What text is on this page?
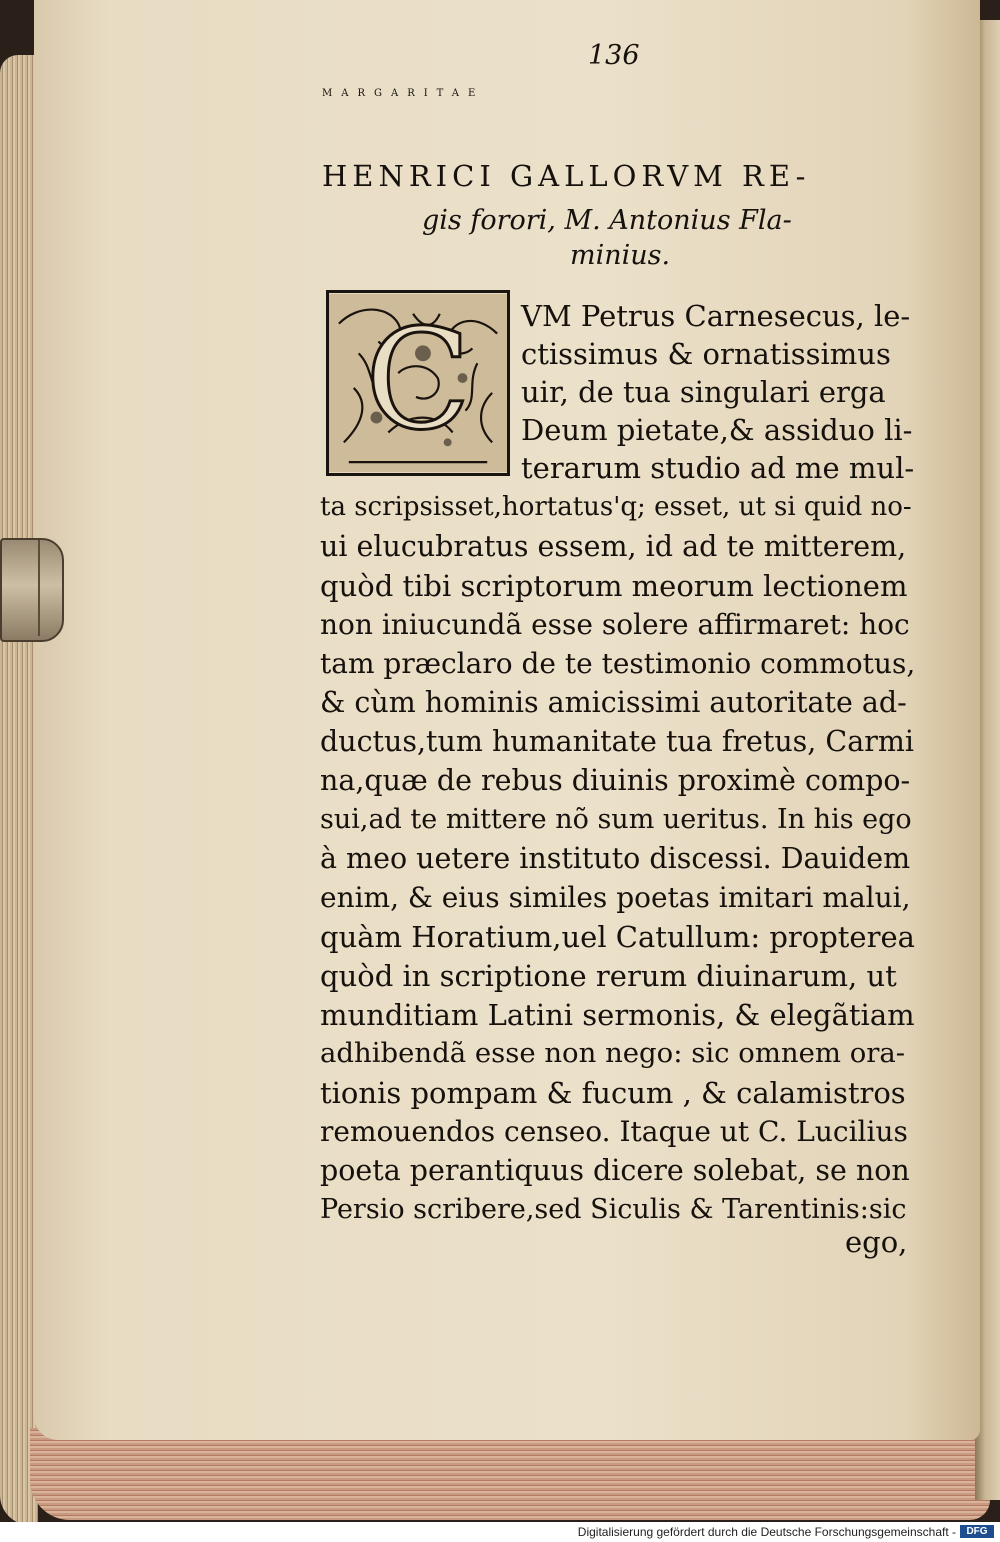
136
MARGARITAE
HENRICI GALLORVM RE-
gis forori, M. Antonius Fla-
minius.
C VM Petrus Carnesecus, le-
ctissimus & ornatissimus
uir, de tua singulari erga
Deum pietate,& assiduo li-
terarum studio ad me mul-
ta scripsisset,hortatus'q; esset, ut si quid no-
ui elucubratus essem, id ad te mitterem,
quòd tibi scriptorum meorum lectionem
non iniucundã esse solere affirmaret: hoc
tam præclaro de te testimonio commotus,
& cùm hominis amicissimi autoritate ad-
ductus,tum humanitate tua fretus, Carmi
na,quæ de rebus diuinis proximè compo-
sui,ad te mittere nõ sum ueritus. In his ego
à meo uetere instituto discessi. Dauidem
enim, & eius similes poetas imitari malui,
quàm Horatium,uel Catullum: propterea
quòd in scriptione rerum diuinarum, ut
munditiam Latini sermonis, & elegãtiam
adhibendã esse non nego: sic omnem ora-
tionis pompam & fucum , & calamistros
remouendos censeo. Itaque ut C. Lucilius
poeta perantiquus dicere solebat, se non
Persio scribere,sed Siculis & Tarentinis:sic
ego,
Digitalisierung gefördert durch die Deutsche Forschungsgemeinschaft -	DFG
